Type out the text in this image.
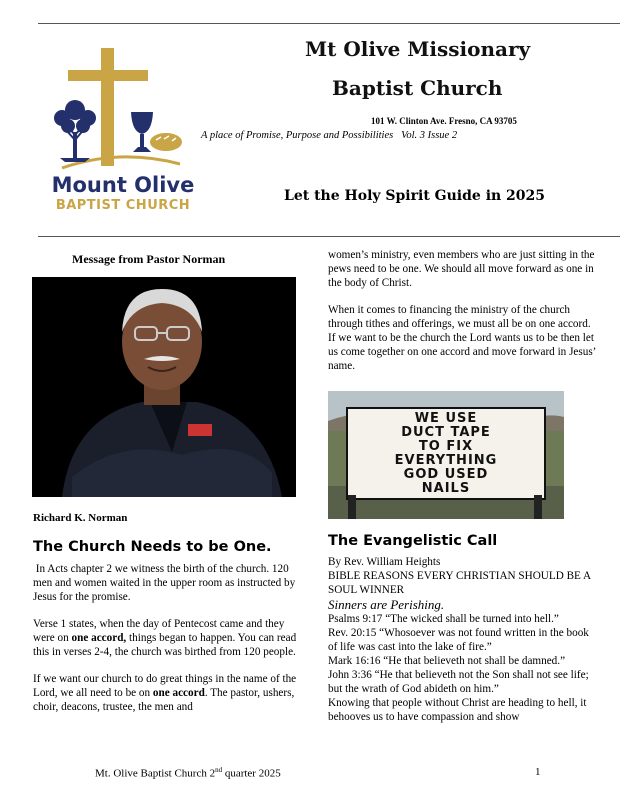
Mount Olive
BAPTIST CHURCH
Mt Olive Missionary
Baptist Church
101 W. Clinton Ave. Fresno, CA 93705
A place of Promise, Purpose and Possibilities Vol. 3 Issue 2
Let the Holy Spirit Guide in 2025
Message from Pastor Norman
Richard K. Norman
The Church Needs to be One.

In Acts chapter 2 we witness the birth of the church. 120 men and women waited in the upper room as instructed by Jesus for the promise.

Verse 1 states, when the day of Pentecost came and they were on one accord, things began to happen. You can read this in verses 2-4, the church was birthed from 120 people.

If we want our church to do great things in the name of the Lord, we all need to be on one accord. The pastor, ushers, choir, deacons, trustee, the men and

women’s ministry, even members who are just sitting in the pews need to be one. We should all move forward as one in the body of Christ.

When it comes to financing the ministry of the church through tithes and offerings, we must all be on one accord. If we want to be the church the Lord wants us to be then let us come together on one accord and move forward in Jesus’ name.

WE USE
DUCT TAPE
TO FIX
EVERYTHING
GOD USED
NAILS
The Evangelistic Call
By Rev. William Heights
BIBLE REASONS EVERY CHRISTIAN SHOULD BE A SOUL WINNER
Sinners are Perishing.
Psalms 9:17 “The wicked shall be turned into hell.”
Rev. 20:15 “Whosoever was not found written in the book of life was cast into the lake of fire.”
Mark 16:16 “He that believeth not shall be damned.”
John 3:36 “He that believeth not the Son shall not see life; but the wrath of God abideth on him.”
Knowing that people without Christ are heading to hell, it behooves us to have compassion and show
Mt. Olive Baptist Church 2nd quarter 2025	1
